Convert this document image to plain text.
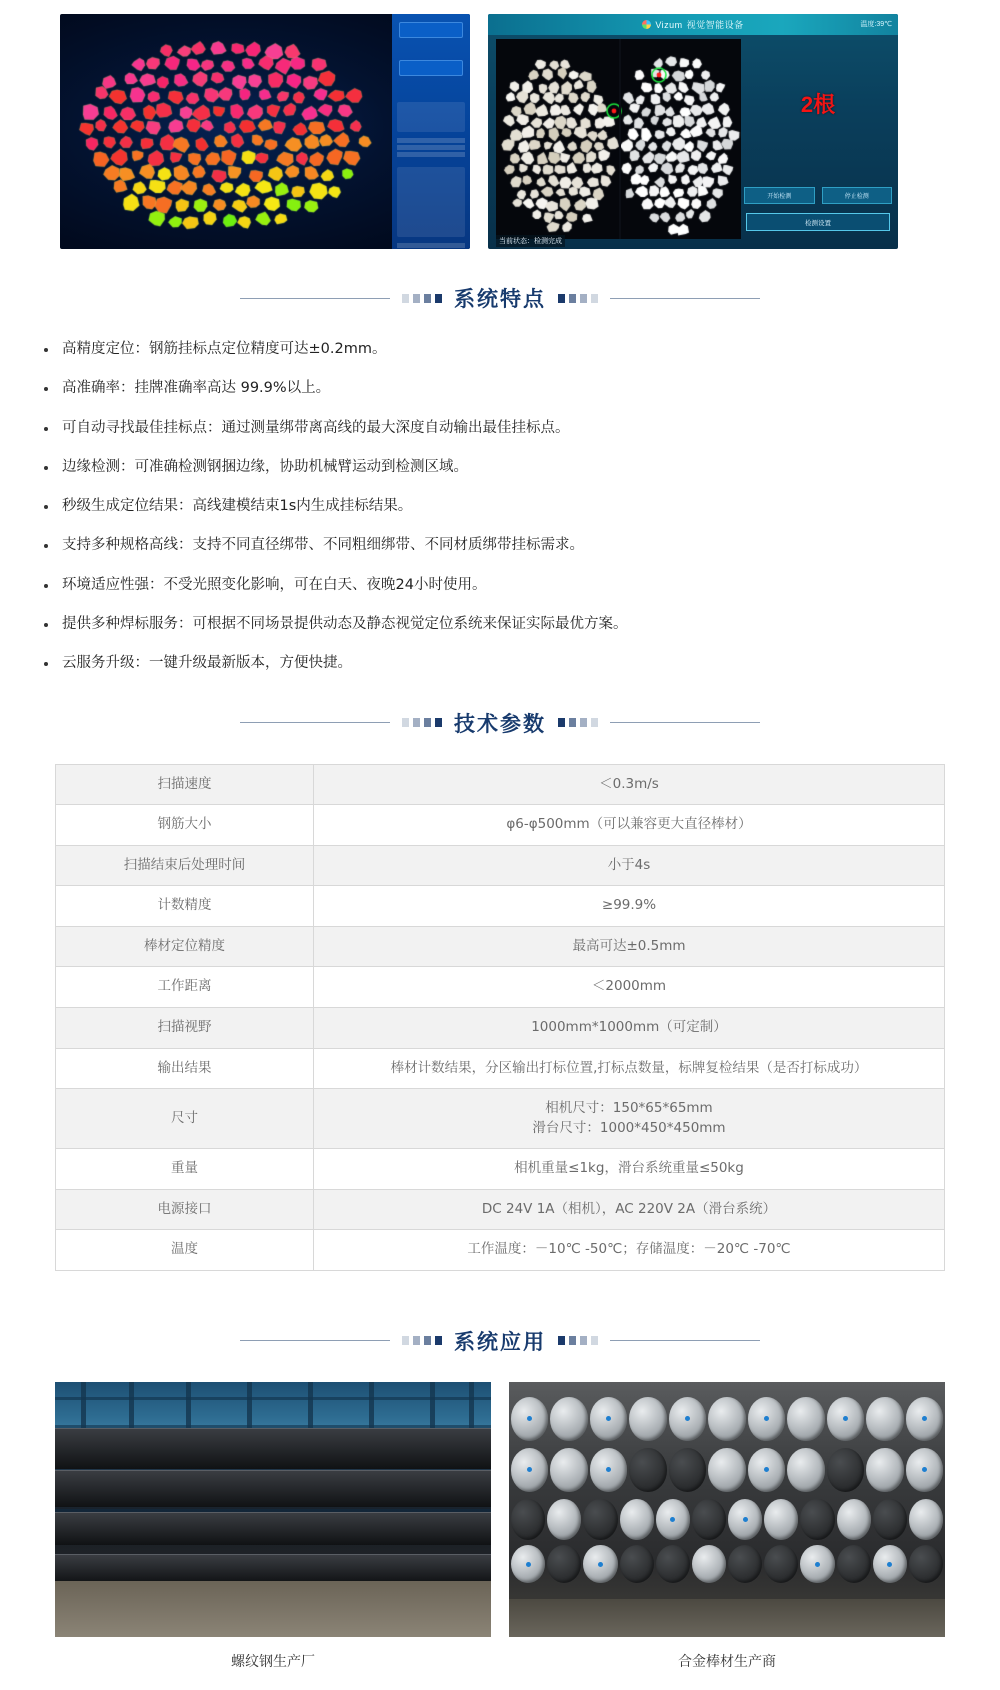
Vizum 视觉智能设备	温度:39℃
当前状态：检测完成
2根
开始检测	停止检测
检测设置
系统特点
高精度定位：钢筋挂标点定位精度可达±0.2mm。
高准确率：挂牌准确率高达 99.9%以上。
可自动寻找最佳挂标点：通过测量绑带离高线的最大深度自动输出最佳挂标点。
边缘检测：可准确检测钢捆边缘，协助机械臂运动到检测区域。
秒级生成定位结果：高线建模结束1s内生成挂标结果。
支持多种规格高线：支持不同直径绑带、不同粗细绑带、不同材质绑带挂标需求。
环境适应性强：不受光照变化影响，可在白天、夜晚24小时使用。
提供多种焊标服务：可根据不同场景提供动态及静态视觉定位系统来保证实际最优方案。
云服务升级：一键升级最新版本，方便快捷。
技术参数
扫描速度	＜0.3m/s
钢筋大小	φ6-φ500mm（可以兼容更大直径棒材）
扫描结束后处理时间	小于4s
计数精度	≥99.9%
棒材定位精度	最高可达±0.5mm
工作距离	＜2000mm
扫描视野	1000mm*1000mm（可定制）
输出结果	棒材计数结果，分区输出打标位置,打标点数量，标牌复检结果（是否打标成功）
尺寸	相机尺寸：150*65*65mm
滑台尺寸：1000*450*450mm
重量	相机重量≤1kg，滑台系统重量≤50kg
电源接口	DC 24V 1A（相机），AC 220V 2A（滑台系统）
温度	工作温度：－10℃ -50℃；存储温度：－20℃ -70℃
系统应用
螺纹钢生产厂	合金棒材生产商
